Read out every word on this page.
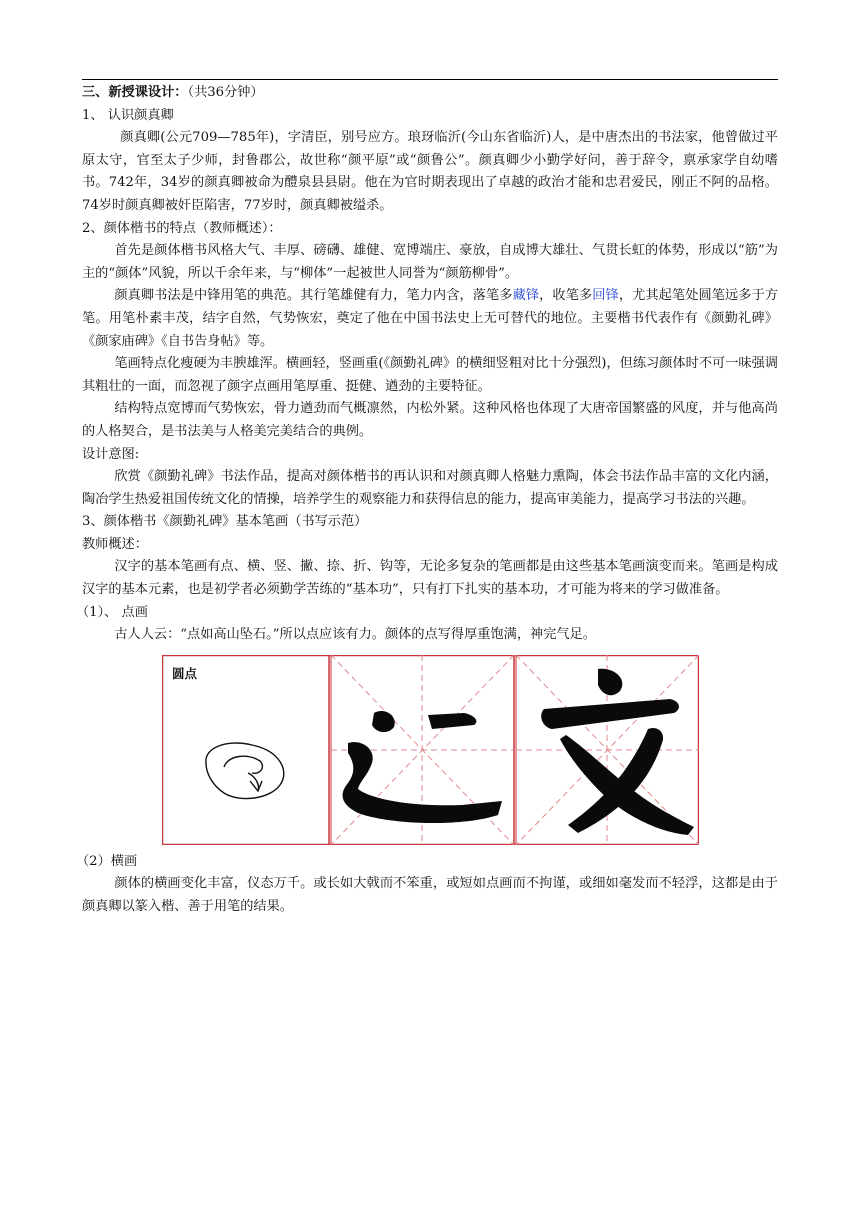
三、新授课设计：（共36分钟）

1、 认识颜真卿

颜真卿(公元709—785年)，字清臣，别号应方。琅玡临沂(今山东省临沂)人，是中唐杰出的书法家，他曾做过平原太守，官至太子少师，封鲁郡公，故世称“颜平原”或“颜鲁公”。颜真卿少小勤学好问，善于辞令，禀承家学自幼嗜书。742年，34岁的颜真卿被命为醴泉县县尉。他在为官时期表现出了卓越的政治才能和忠君爱民，刚正不阿的品格。74岁时颜真卿被奸臣陷害，77岁时，颜真卿被缢杀。

2、颜体楷书的特点（教师概述）：

首先是颜体楷书风格大气、丰厚、磅礴、雄健、宽博端庄、豪放，自成博大雄壮、气贯长虹的体势，形成以“筋”为主的“颜体”风貌，所以千余年来，与“柳体”一起被世人同誉为“颜筋柳骨”。

颜真卿书法是中锋用笔的典范。其行笔雄健有力，笔力内含，落笔多藏锋，收笔多回锋，尤其起笔处圆笔远多于方笔。用笔朴素丰茂，结字自然，气势恢宏，奠定了他在中国书法史上无可替代的地位。主要楷书代表作有《颜勤礼碑》《颜家庙碑》《自书告身帖》等。

笔画特点化瘦硬为丰腴雄浑。横画轻，竖画重(《颜勤礼碑》的横细竖粗对比十分强烈)，但练习颜体时不可一味强调其粗壮的一面，而忽视了颜字点画用笔厚重、挺健、遒劲的主要特征。

结构特点宽博而气势恢宏，骨力遒劲而气概凛然，内松外紧。这种风格也体现了大唐帝国繁盛的风度，并与他高尚的人格契合，是书法美与人格美完美结合的典例。

设计意图:

欣赏《颜勤礼碑》书法作品，提高对颜体楷书的再认识和对颜真卿人格魅力熏陶，体会书法作品丰富的文化内涵，陶冶学生热爱祖国传统文化的情操，培养学生的观察能力和获得信息的能力，提高审美能力，提高学习书法的兴趣。

3、颜体楷书《颜勤礼碑》基本笔画（书写示范）

教师概述：

汉字的基本笔画有点、横、竖、撇、捺、折、钩等，无论多复杂的笔画都是由这些基本笔画演变而来。笔画是构成汉字的基本元素，也是初学者必须勤学苦练的“基本功”，只有打下扎实的基本功，才可能为将来的学习做准备。

（1）、 点画

古人人云：“点如高山坠石。”所以点应该有力。颜体的点写得厚重饱满，神完气足。

圆点

（2）横画

颜体的横画变化丰富，仪态万千。或长如大戟而不笨重，或短如点画而不拘谨，或细如毫发而不轻浮，这都是由于颜真卿以篆入楷、善于用笔的结果。
